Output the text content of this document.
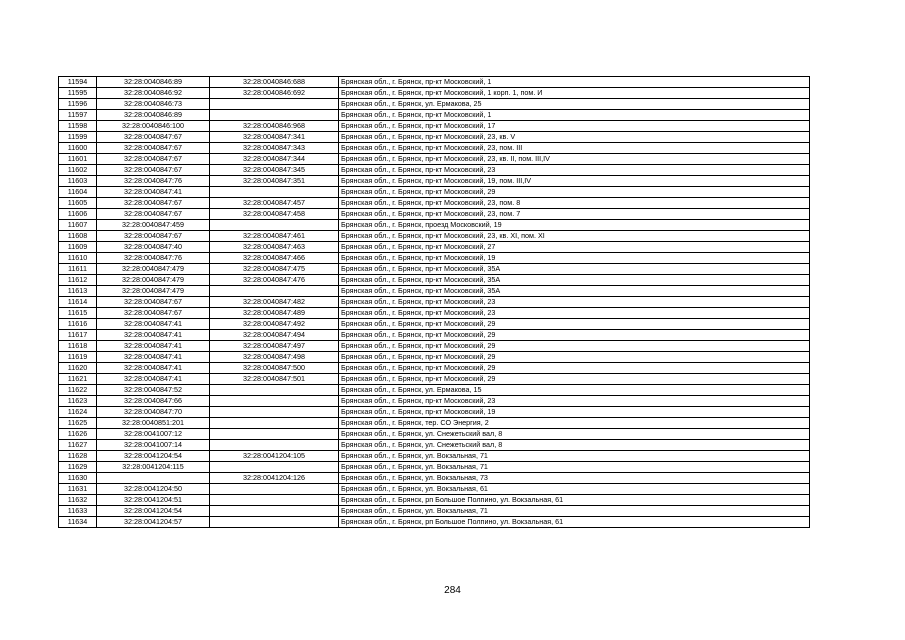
11594	32:28:0040846:89	32:28:0040846:688	Брянская обл., г. Брянск, пр-кт Московский, 1
11595	32:28:0040846:92	32:28:0040846:692	Брянская обл., г. Брянск, пр-кт Московский, 1 корп. 1, пом. И
11596	32:28:0040846:73		Брянская обл., г. Брянск, ул. Ермакова, 25
11597	32:28:0040846:89		Брянская обл., г. Брянск, пр-кт Московский, 1
11598	32:28:0040846:100	32:28:0040846:968	Брянская обл., г. Брянск, пр-кт Московский, 17
11599	32:28:0040847:67	32:28:0040847:341	Брянская обл., г. Брянск, пр-кт Московский, 23, кв. V
11600	32:28:0040847:67	32:28:0040847:343	Брянская обл., г. Брянск, пр-кт Московский, 23, пом. III
11601	32:28:0040847:67	32:28:0040847:344	Брянская обл., г. Брянск, пр-кт Московский, 23, кв. II, пом. III,IV
11602	32:28:0040847:67	32:28:0040847:345	Брянская обл., г. Брянск, пр-кт Московский, 23
11603	32:28:0040847:76	32:28:0040847:351	Брянская обл., г. Брянск, пр-кт Московский, 19, пом. III,IV
11604	32:28:0040847:41		Брянская обл., г. Брянск, пр-кт Московский, 29
11605	32:28:0040847:67	32:28:0040847:457	Брянская обл., г. Брянск, пр-кт Московский, 23, пом. 8
11606	32:28:0040847:67	32:28:0040847:458	Брянская обл., г. Брянск, пр-кт Московский, 23, пом. 7
11607	32:28:0040847:459		Брянская обл., г. Брянск, проезд Московский, 19
11608	32:28:0040847:67	32:28:0040847:461	Брянская обл., г. Брянск, пр-кт Московский, 23, кв. XI, пом. XI
11609	32:28:0040847:40	32:28:0040847:463	Брянская обл., г. Брянск, пр-кт Московский, 27
11610	32:28:0040847:76	32:28:0040847:466	Брянская обл., г. Брянск, пр-кт Московский, 19
11611	32:28:0040847:479	32:28:0040847:475	Брянская обл., г. Брянск, пр-кт Московский, 35А
11612	32:28:0040847:479	32:28:0040847:476	Брянская обл., г. Брянск, пр-кт Московский, 35А
11613	32:28:0040847:479		Брянская обл., г. Брянск, пр-кт Московский, 35А
11614	32:28:0040847:67	32:28:0040847:482	Брянская обл., г. Брянск, пр-кт Московский, 23
11615	32:28:0040847:67	32:28:0040847:489	Брянская обл., г. Брянск, пр-кт Московский, 23
11616	32:28:0040847:41	32:28:0040847:492	Брянская обл., г. Брянск, пр-кт Московский, 29
11617	32:28:0040847:41	32:28:0040847:494	Брянская обл., г. Брянск, пр-кт Московский, 29
11618	32:28:0040847:41	32:28:0040847:497	Брянская обл., г. Брянск, пр-кт Московский, 29
11619	32:28:0040847:41	32:28:0040847:498	Брянская обл., г. Брянск, пр-кт Московский, 29
11620	32:28:0040847:41	32:28:0040847:500	Брянская обл., г. Брянск, пр-кт Московский, 29
11621	32:28:0040847:41	32:28:0040847:501	Брянская обл., г. Брянск, пр-кт Московский, 29
11622	32:28:0040847:52		Брянская обл., г. Брянск, ул. Ермакова, 15
11623	32:28:0040847:66		Брянская обл., г. Брянск, пр-кт Московский, 23
11624	32:28:0040847:70		Брянская обл., г. Брянск, пр-кт Московский, 19
11625	32:28:0040851:201		Брянская обл., г. Брянск, тер. СО Энергия, 2
11626	32:28:0041007:12		Брянская обл., г. Брянск, ул. Снежетьский вал, 8
11627	32:28:0041007:14		Брянская обл., г. Брянск, ул. Снежетьский вал, 8
11628	32:28:0041204:54	32:28:0041204:105	Брянская обл., г. Брянск, ул. Вокзальная, 71
11629	32:28:0041204:115		Брянская обл., г. Брянск, ул. Вокзальная, 71
11630		32:28:0041204:126	Брянская обл., г. Брянск, ул. Вокзальная, 73
11631	32:28:0041204:50		Брянская обл., г. Брянск, ул. Вокзальная, 61
11632	32:28:0041204:51		Брянская обл., г. Брянск, рп Большое Полпино, ул. Вокзальная, 61
11633	32:28:0041204:54		Брянская обл., г. Брянск, ул. Вокзальная, 71
11634	32:28:0041204:57		Брянская обл., г. Брянск, рп Большое Полпино, ул. Вокзальная, 61
284
